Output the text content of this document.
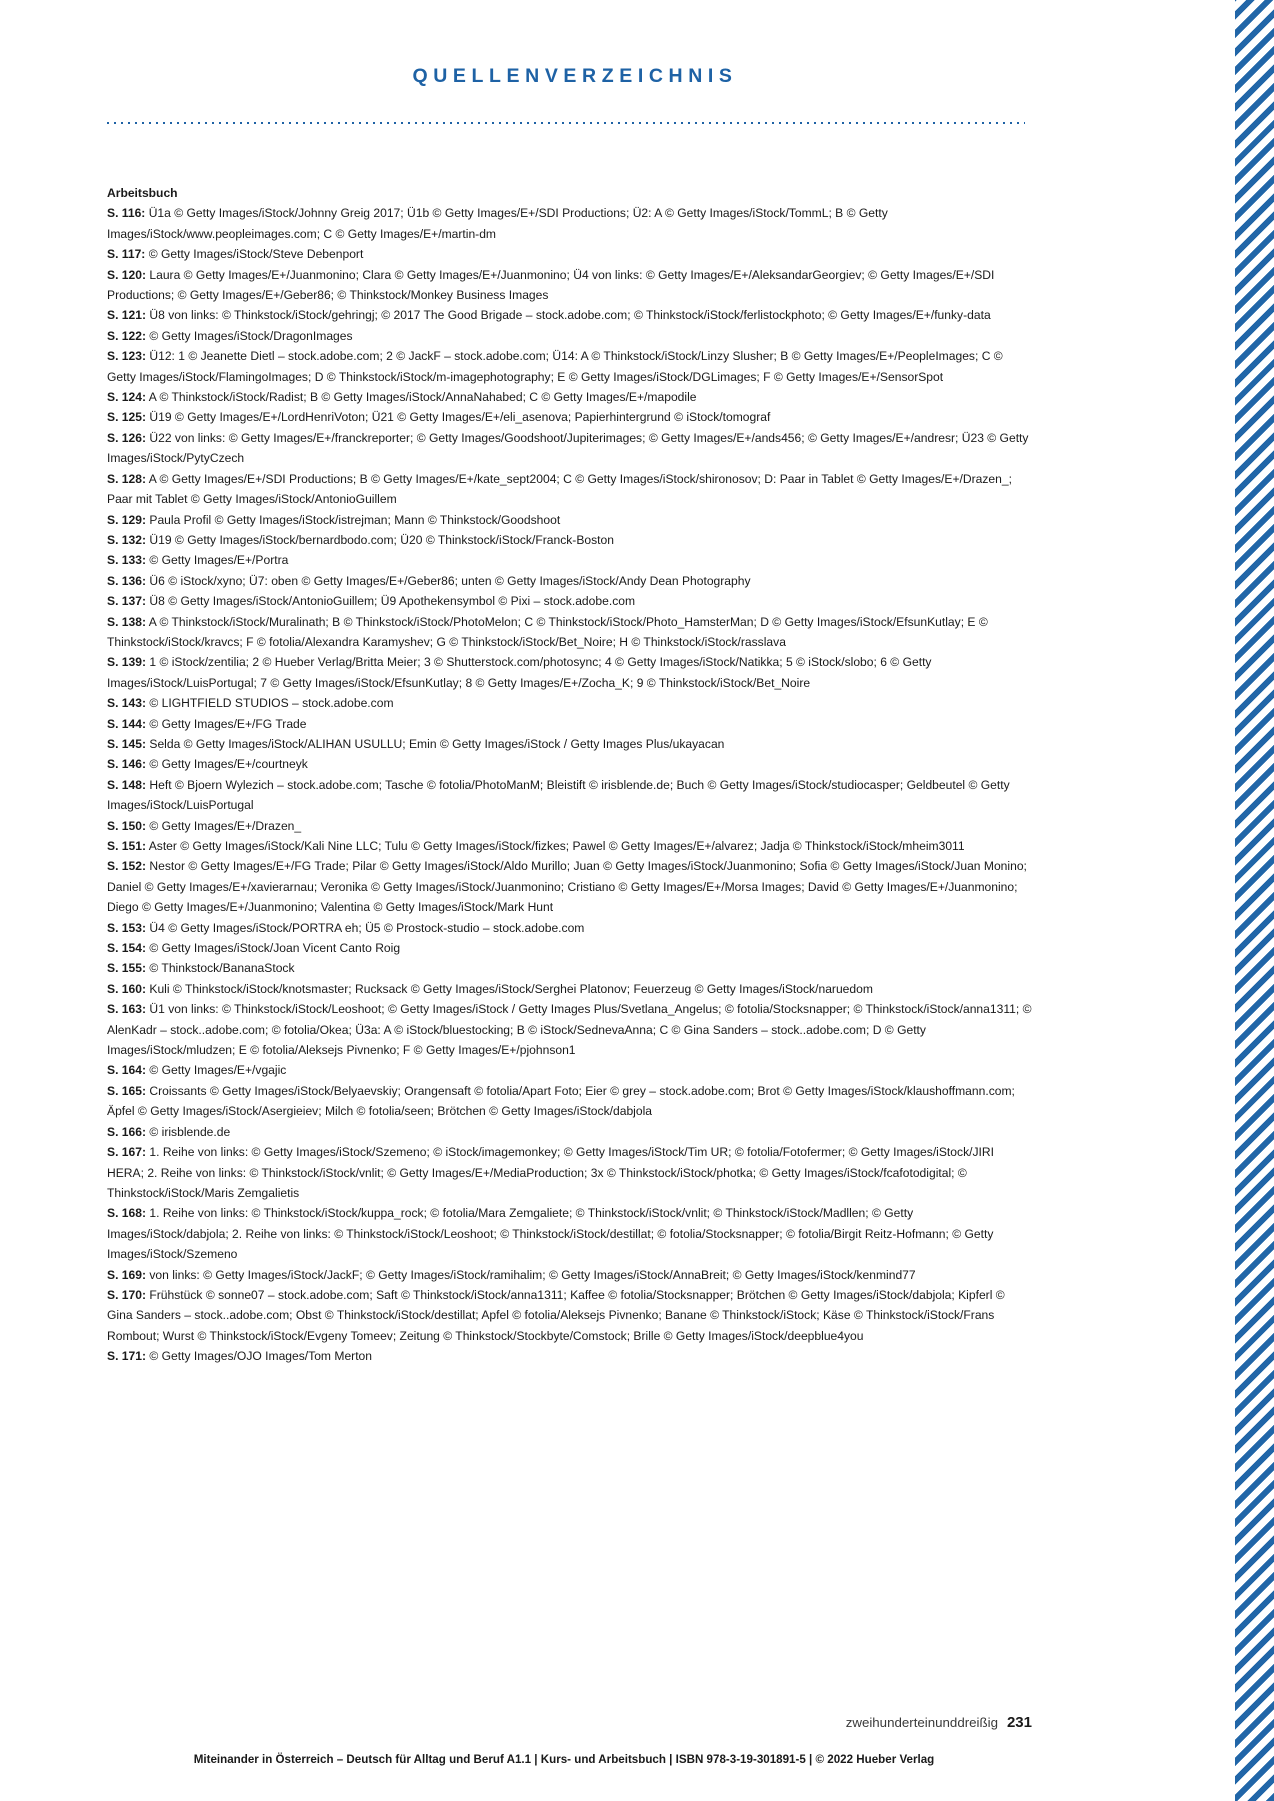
QUELLENVERZEICHNIS
Arbeitsbuch

S. 116: Ü1a © Getty Images/iStock/Johnny Greig 2017; Ü1b © Getty Images/E+/SDI Productions; Ü2: A © Getty Images/iStock/TommL; B © Getty Images/iStock/www.peopleimages.com; C © Getty Images/E+/martin-dm

S. 117: © Getty Images/iStock/Steve Debenport

S. 120: Laura © Getty Images/E+/Juanmonino; Clara © Getty Images/E+/Juanmonino; Ü4 von links: © Getty Images/E+/AleksandarGeorgiev; © Getty Images/E+/SDI Productions; © Getty Images/E+/Geber86; © Thinkstock/Monkey Business Images

S. 121: Ü8 von links: © Thinkstock/iStock/gehringj; © 2017 The Good Brigade – stock.adobe.com; © Thinkstock/iStock/ferlistockphoto; © Getty Images/E+/funky-data

S. 122: © Getty Images/iStock/DragonImages

S. 123: Ü12: 1 © Jeanette Dietl – stock.adobe.com; 2 © JackF – stock.adobe.com; Ü14: A © Thinkstock/iStock/Linzy Slusher; B © Getty Images/E+/PeopleImages; C © Getty Images/iStock/FlamingoImages; D © Thinkstock/iStock/m-imagephotography; E © Getty Images/iStock/DGLimages; F © Getty Images/E+/SensorSpot

S. 124: A © Thinkstock/iStock/Radist; B © Getty Images/iStock/AnnaNahabed; C © Getty Images/E+/mapodile

S. 125: Ü19 © Getty Images/E+/LordHenriVoton; Ü21 © Getty Images/E+/eli_asenova; Papierhintergrund © iStock/tomograf

S. 126: Ü22 von links: © Getty Images/E+/franckreporter; © Getty Images/Goodshoot/Jupiterimages; © Getty Images/E+/ands456; © Getty Images/E+/andresr; Ü23 © Getty Images/iStock/PytyCzech

S. 128: A © Getty Images/E+/SDI Productions; B © Getty Images/E+/kate_sept2004; C © Getty Images/iStock/shironosov; D: Paar in Tablet © Getty Images/E+/Drazen_; Paar mit Tablet © Getty Images/iStock/AntonioGuillem

S. 129: Paula Profil © Getty Images/iStock/istrejman; Mann © Thinkstock/Goodshoot

S. 132: Ü19 © Getty Images/iStock/bernardbodo.com; Ü20 © Thinkstock/iStock/Franck-Boston

S. 133: © Getty Images/E+/Portra

S. 136: Ü6 © iStock/xyno; Ü7: oben © Getty Images/E+/Geber86; unten © Getty Images/iStock/Andy Dean Photography

S. 137: Ü8 © Getty Images/iStock/AntonioGuillem; Ü9 Apothekensymbol © Pixi – stock.adobe.com

S. 138: A © Thinkstock/iStock/Muralinath; B © Thinkstock/iStock/PhotoMelon; C © Thinkstock/iStock/Photo_HamsterMan; D © Getty Images/iStock/EfsunKutlay; E © Thinkstock/iStock/kravcs; F © fotolia/Alexandra Karamyshev; G © Thinkstock/iStock/Bet_Noire; H © Thinkstock/iStock/rasslava

S. 139: 1 © iStock/zentilia; 2 © Hueber Verlag/Britta Meier; 3 © Shutterstock.com/photosync; 4 © Getty Images/iStock/Natikka; 5 © iStock/slobo; 6 © Getty Images/iStock/LuisPortugal; 7 © Getty Images/iStock/EfsunKutlay; 8 © Getty Images/E+/Zocha_K; 9 © Thinkstock/iStock/Bet_Noire

S. 143: © LIGHTFIELD STUDIOS – stock.adobe.com

S. 144: © Getty Images/E+/FG Trade

S. 145: Selda © Getty Images/iStock/ALIHAN USULLU; Emin © Getty Images/iStock / Getty Images Plus/ukayacan

S. 146: © Getty Images/E+/courtneyk

S. 148: Heft © Bjoern Wylezich – stock.adobe.com; Tasche © fotolia/PhotoManM; Bleistift © irisblende.de; Buch © Getty Images/iStock/studiocasper; Geldbeutel © Getty Images/iStock/LuisPortugal

S. 150: © Getty Images/E+/Drazen_

S. 151: Aster © Getty Images/iStock/Kali Nine LLC; Tulu © Getty Images/iStock/fizkes; Pawel © Getty Images/E+/alvarez; Jadja © Thinkstock/iStock/mheim3011

S. 152: Nestor © Getty Images/E+/FG Trade; Pilar © Getty Images/iStock/Aldo Murillo; Juan © Getty Images/iStock/Juanmonino; Sofia © Getty Images/iStock/Juan Monino; Daniel © Getty Images/E+/xavierarnau; Veronika © Getty Images/iStock/Juanmonino; Cristiano © Getty Images/E+/Morsa Images; David © Getty Images/E+/Juanmonino; Diego © Getty Images/E+/Juanmonino; Valentina © Getty Images/iStock/Mark Hunt

S. 153: Ü4 © Getty Images/iStock/PORTRA eh; Ü5 © Prostock-studio – stock.adobe.com

S. 154: © Getty Images/iStock/Joan Vicent Canto Roig

S. 155: © Thinkstock/BananaStock

S. 160: Kuli © Thinkstock/iStock/knotsmaster; Rucksack © Getty Images/iStock/Serghei Platonov; Feuerzeug © Getty Images/iStock/naruedom

S. 163: Ü1 von links: © Thinkstock/iStock/Leoshoot; © Getty Images/iStock / Getty Images Plus/Svetlana_Angelus; © fotolia/Stocksnapper; © Thinkstock/iStock/anna1311; © AlenKadr – stock..adobe.com; © fotolia/Okea; Ü3a: A © iStock/bluestocking; B © iStock/SednevaAnna; C © Gina Sanders – stock..adobe.com; D © Getty Images/iStock/mludzen; E © fotolia/Aleksejs Pivnenko; F © Getty Images/E+/pjohnson1

S. 164: © Getty Images/E+/vgajic

S. 165: Croissants © Getty Images/iStock/Belyaevskiy; Orangensaft © fotolia/Apart Foto; Eier © grey – stock.adobe.com; Brot © Getty Images/iStock/klaushoffmann.com; Äpfel © Getty Images/iStock/Asergieiev; Milch © fotolia/seen; Brötchen © Getty Images/iStock/dabjola

S. 166: © irisblende.de

S. 167: 1. Reihe von links: © Getty Images/iStock/Szemeno; © iStock/imagemonkey; © Getty Images/iStock/Tim UR; © fotolia/Fotofermer; © Getty Images/iStock/JIRI HERA; 2. Reihe von links: © Thinkstock/iStock/vnlit; © Getty Images/E+/MediaProduction; 3x © Thinkstock/iStock/photka; © Getty Images/iStock/fcafotodigital; © Thinkstock/iStock/Maris Zemgalietis

S. 168: 1. Reihe von links: © Thinkstock/iStock/kuppa_rock; © fotolia/Mara Zemgaliete; © Thinkstock/iStock/vnlit; © Thinkstock/iStock/Madllen; © Getty Images/iStock/dabjola; 2. Reihe von links: © Thinkstock/iStock/Leoshoot; © Thinkstock/iStock/destillat; © fotolia/Stocksnapper; © fotolia/Birgit Reitz-Hofmann; © Getty Images/iStock/Szemeno

S. 169: von links: © Getty Images/iStock/JackF; © Getty Images/iStock/ramihalim; © Getty Images/iStock/AnnaBreit; © Getty Images/iStock/kenmind77

S. 170: Frühstück © sonne07 – stock.adobe.com; Saft © Thinkstock/iStock/anna1311; Kaffee © fotolia/Stocksnapper; Brötchen © Getty Images/iStock/dabjola; Kipferl © Gina Sanders – stock..adobe.com; Obst © Thinkstock/iStock/destillat; Apfel © fotolia/Aleksejs Pivnenko; Banane © Thinkstock/iStock; Käse © Thinkstock/iStock/Frans Rombout; Wurst © Thinkstock/iStock/Evgeny Tomeev; Zeitung © Thinkstock/Stockbyte/Comstock; Brille © Getty Images/iStock/deepblue4you

S. 171: © Getty Images/OJO Images/Tom Merton

zweihunderteinunddreißig 231
Miteinander in Österreich – Deutsch für Alltag und Beruf A1.1 | Kurs- und Arbeitsbuch | ISBN 978-3-19-301891-5 | © 2022 Hueber Verlag
